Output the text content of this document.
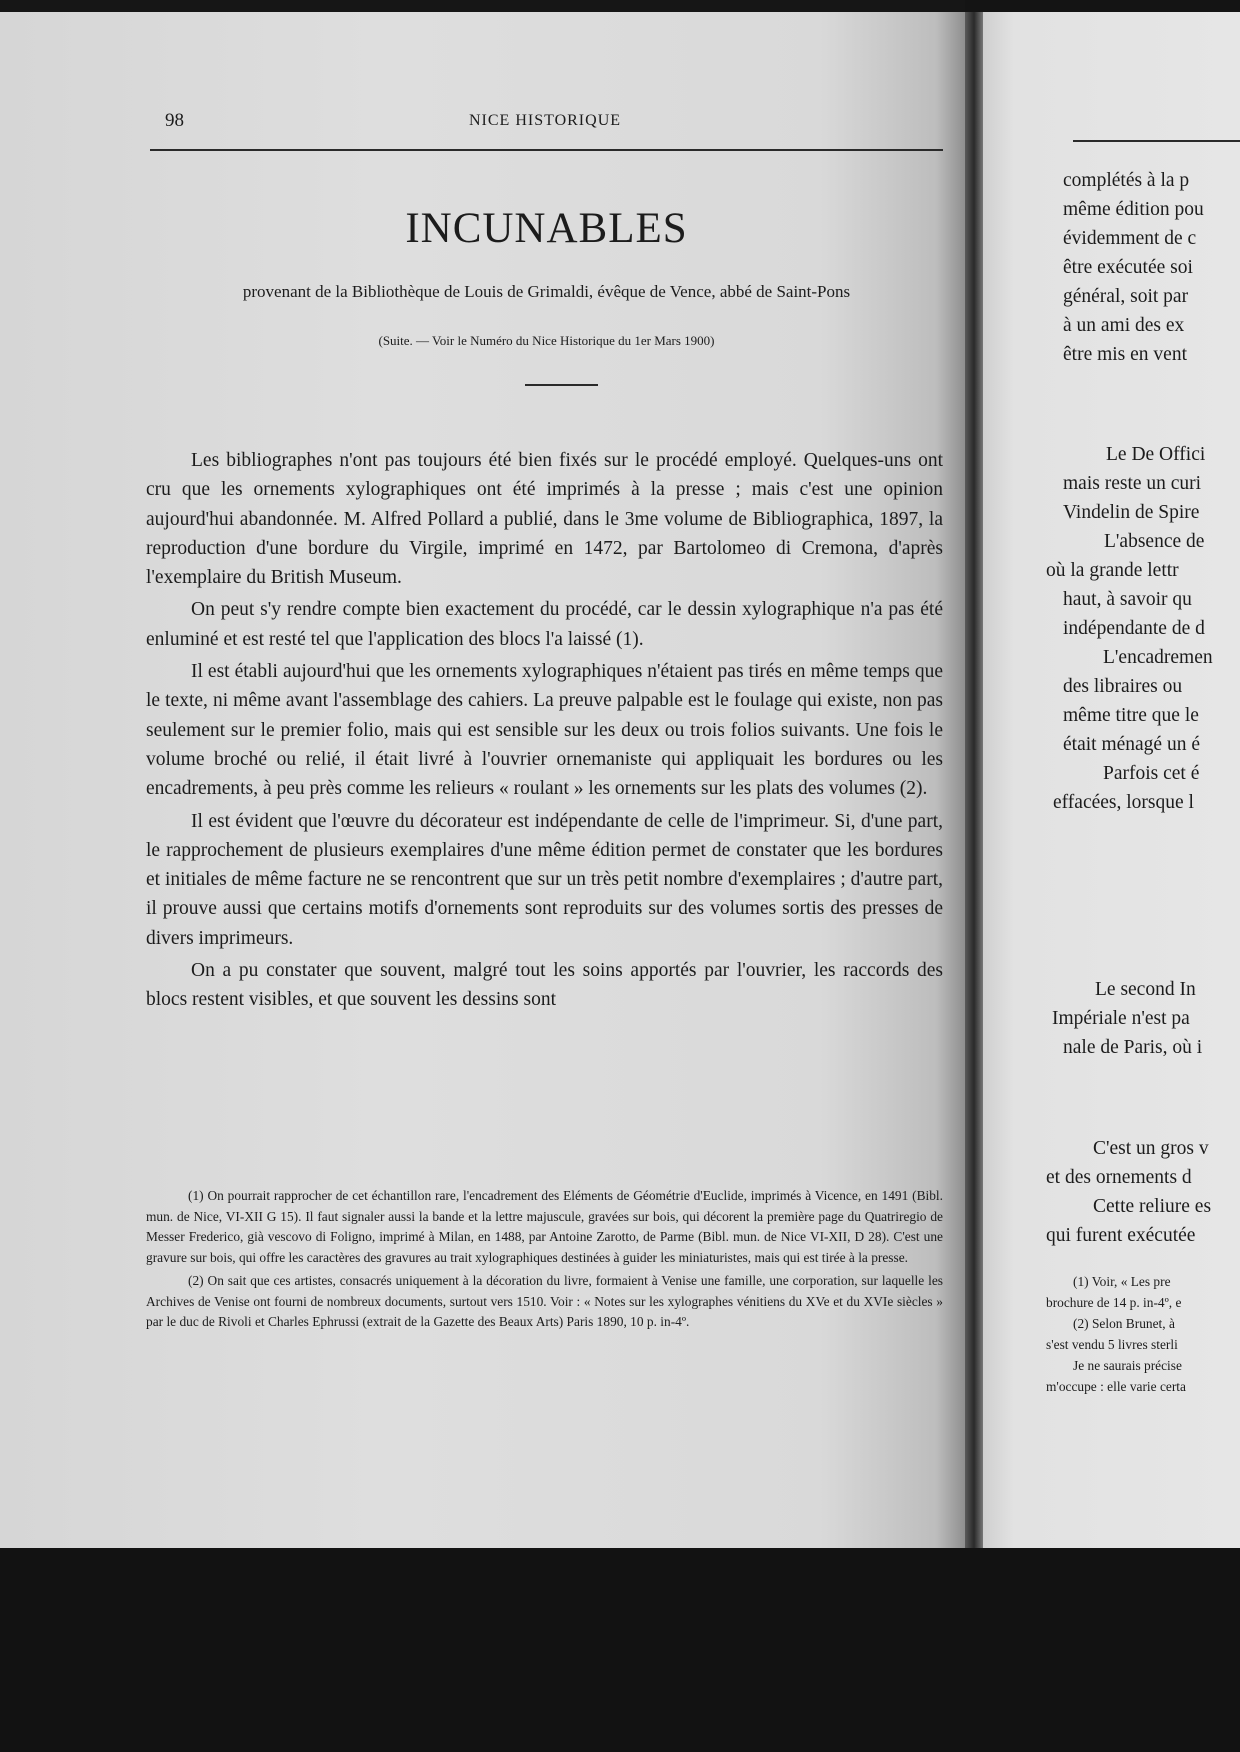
98	NICE HISTORIQUE
INCUNABLES
provenant de la Bibliothèque de Louis de Grimaldi, évêque de Vence, abbé de Saint-Pons
(Suite. — Voir le Numéro du Nice Historique du 1er Mars 1900)

Les bibliographes n'ont pas toujours été bien fixés sur le procédé employé. Quelques-uns ont cru que les ornements xylographiques ont été imprimés à la presse ; mais c'est une opinion aujourd'hui abandonnée. M. Alfred Pollard a publié, dans le 3me volume de Bibliographica, 1897, la reproduction d'une bordure du Virgile, imprimé en 1472, par Bartolomeo di Cremona, d'après l'exemplaire du British Museum.

On peut s'y rendre compte bien exactement du procédé, car le dessin xylographique n'a pas été enluminé et est resté tel que l'application des blocs l'a laissé (1).

Il est établi aujourd'hui que les ornements xylographiques n'étaient pas tirés en même temps que le texte, ni même avant l'assemblage des cahiers. La preuve palpable est le foulage qui existe, non pas seulement sur le premier folio, mais qui est sensible sur les deux ou trois folios suivants. Une fois le volume broché ou relié, il était livré à l'ouvrier ornemaniste qui appliquait les bordures ou les encadrements, à peu près comme les relieurs « roulant » les ornements sur les plats des volumes (2).

Il est évident que l'œuvre du décorateur est indépendante de celle de l'imprimeur. Si, d'une part, le rapprochement de plusieurs exemplaires d'une même édition permet de constater que les bordures et initiales de même facture ne se rencontrent que sur un très petit nombre d'exemplaires ; d'autre part, il prouve aussi que certains motifs d'ornements sont reproduits sur des volumes sortis des presses de divers imprimeurs.

On a pu constater que souvent, malgré tout les soins apportés par l'ouvrier, les raccords des blocs restent visibles, et que souvent les dessins sont

(1) On pourrait rapprocher de cet échantillon rare, l'encadrement des Eléments de Géométrie d'Euclide, imprimés à Vicence, en 1491 (Bibl. mun. de Nice, VI-XII G 15). Il faut signaler aussi la bande et la lettre majuscule, gravées sur bois, qui décorent la première page du Quatriregio de Messer Frederico, già vescovo di Foligno, imprimé à Milan, en 1488, par Antoine Zarotto, de Parme (Bibl. mun. de Nice VI-XII, D 28). C'est une gravure sur bois, qui offre les caractères des gravures au trait xylographiques destinées à guider les miniaturistes, mais qui est tirée à la presse.

(2) On sait que ces artistes, consacrés uniquement à la décoration du livre, formaient à Venise une famille, une corporation, sur laquelle les Archives de Venise ont fourni de nombreux documents, surtout vers 1510. Voir : « Notes sur les xylographes vénitiens du XVe et du XVIe siècles » par le duc de Rivoli et Charles Ephrussi (extrait de la Gazette des Beaux Arts) Paris 1890, 10 p. in-4º.

complétés à la p
même édition pou
évidemment de c
être exécutée soi
général, soit par
à un ami des ex
être mis en vent
Le De Offici
mais reste un curi
Vindelin de Spire
L'absence de
où la grande lettr
haut, à savoir qu
indépendante de d
L'encadremen
des libraires ou
même titre que le
était ménagé un é
Parfois cet é
effacées, lorsque l
Le second In
Impériale n'est pa
nale de Paris, où i
C'est un gros v
et des ornements d
Cette reliure es
qui furent exécutée
(1) Voir, « Les pre
brochure de 14 p. in-4º, e
(2) Selon Brunet, à
s'est vendu 5 livres sterli
Je ne saurais précise
m'occupe : elle varie certa
